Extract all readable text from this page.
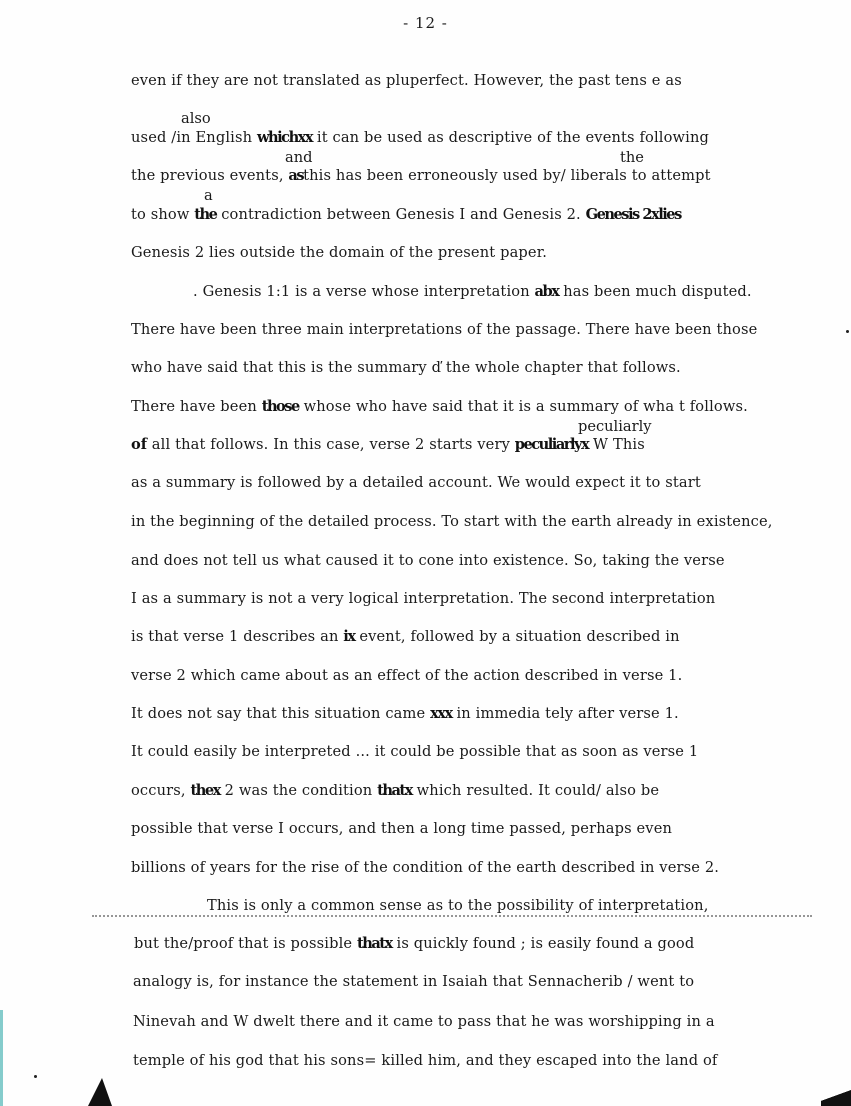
- 12 -
also
and	the
a
peculiarly
even if they are not translated as pluperfect. However, the past tens e as
used /in English whichxx it can be used as descriptive of the events following
the previous events, asthis has been erroneously used by/ liberals to attempt
to show the contradiction between Genesis I and Genesis 2. Genesis 2xlies
Genesis 2 lies outside the domain of the present paper.
. Genesis 1:1 is a verse whose interpretation abx has been much disputed.
There have been three main interpretations of the passage. There have been those
who have said that this is the summary ď the whole chapter that follows.
There have been those whose who have said that it is a summary of wha t follows.
of all that follows. In this case, verse 2 starts very peculiarlyx W This
as a summary is followed by a detailed account. We would expect it to start
in the beginning of the detailed process. To start with the earth already in existence,
and does not tell us what caused it to cone into existence. So, taking the verse
I as a summary is not a very logical interpretation. The second interpretation
is that verse 1 describes an ix event, followed by a situation described in
verse 2 which came about as an effect of the action described in verse 1.
It does not say that this situation came xxx in immedia tely after verse 1.
It could easily be interpreted ... it could be possible that as soon as verse 1
occurs, thex 2 was the condition thatx which resulted. It could/ also be
possible that verse I occurs, and then a long time passed, perhaps even
billions of years for the rise of the condition of the earth described in verse 2.
This is only a common sense as to the possibility of interpretation,
but the/proof that is possible thatx is quickly found ; is easily found a good
analogy is, for instance the statement in Isaiah that Sennacherib / went to
Ninevah and W dwelt there and it came to pass that he was worshipping in a
temple of his god that his sons= killed him, and they escaped into the land of
